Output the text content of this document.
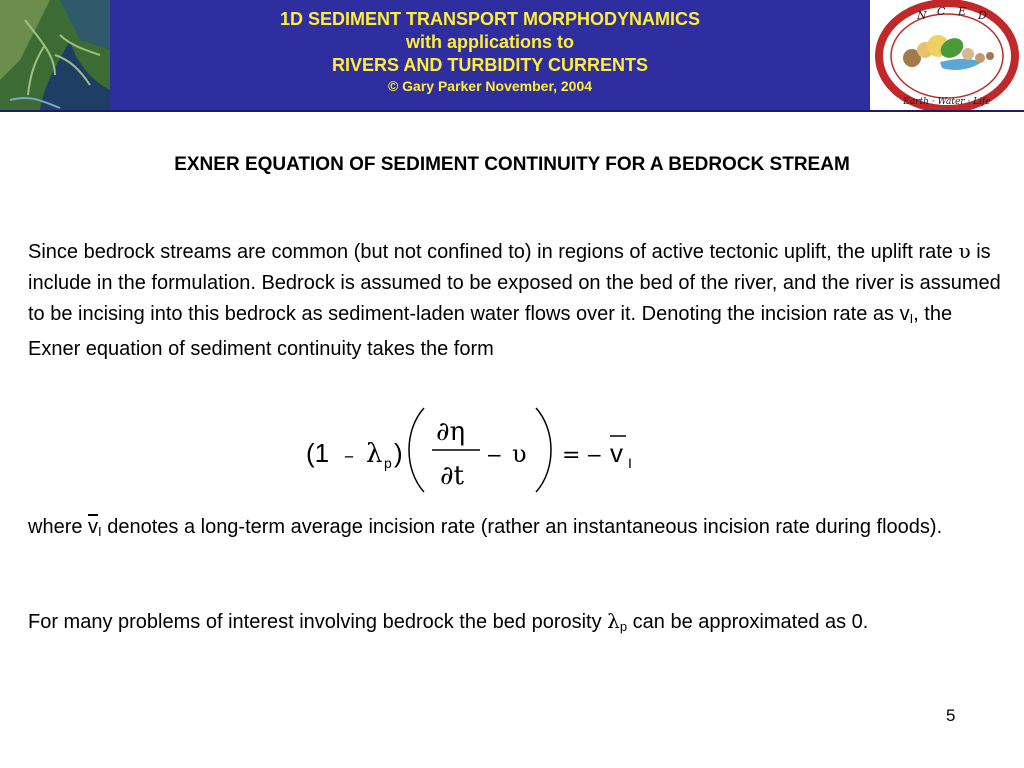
1D SEDIMENT TRANSPORT MORPHODYNAMICS
with applications to
RIVERS AND TURBIDITY CURRENTS
© Gary Parker November, 2004
N C E D
Earth · Water · Life
EXNER EQUATION OF SEDIMENT CONTINUITY FOR A BEDROCK STREAM
Since bedrock streams are common (but not confined to) in regions of active tectonic uplift, the uplift rate υ is include in the formulation. Bedrock is assumed to be exposed on the bed of the river, and the river is assumed to be incising into this bedrock as sediment-laden water flows over it. Denoting the incision rate as $v_I$, the Exner equation of sediment continuity takes the form
(1 – λ p )
∂η
∂t
− υ = − v I
where $\overline{v}_I$ denotes a long-term average incision rate (rather an instantaneous incision rate during floods).
For many problems of interest involving bedrock the bed porosity $\lambda_p$ can be approximated as 0.
5
